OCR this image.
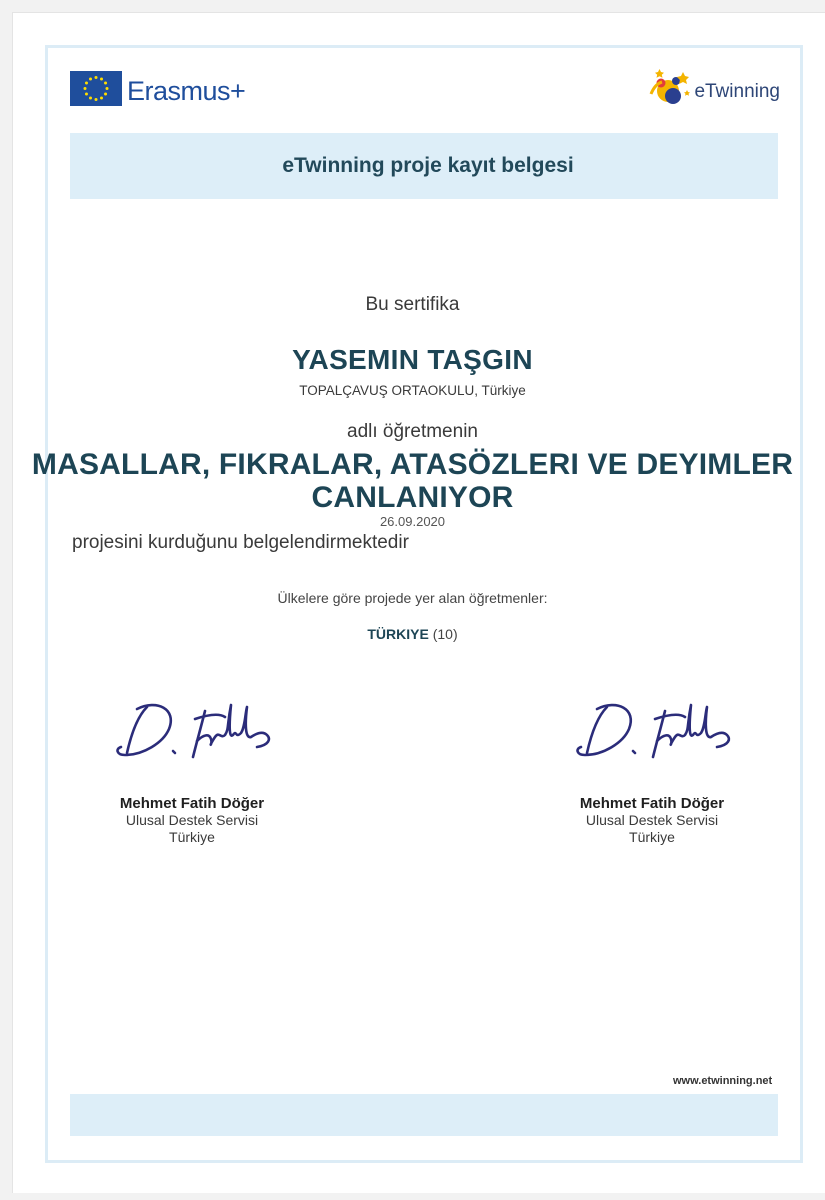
Erasmus+	eTwinning
eTwinning proje kayıt belgesi
Bu sertifika
YASEMIN TAŞGIN
TOPALÇAVUŞ ORTAOKULU, Türkiye
adlı öğretmenin
MASALLAR, FIKRALAR, ATASÖZLERI VE DEYIMLER
CANLANIYOR
26.09.2020
projesini kurduğunu belgelendirmektedir
Ülkelere göre projede yer alan öğretmenler:
TÜRKIYE (10)
Mehmet Fatih Döğer
Ulusal Destek Servisi
Türkiye
Mehmet Fatih Döğer
Ulusal Destek Servisi
Türkiye
www.etwinning.net
